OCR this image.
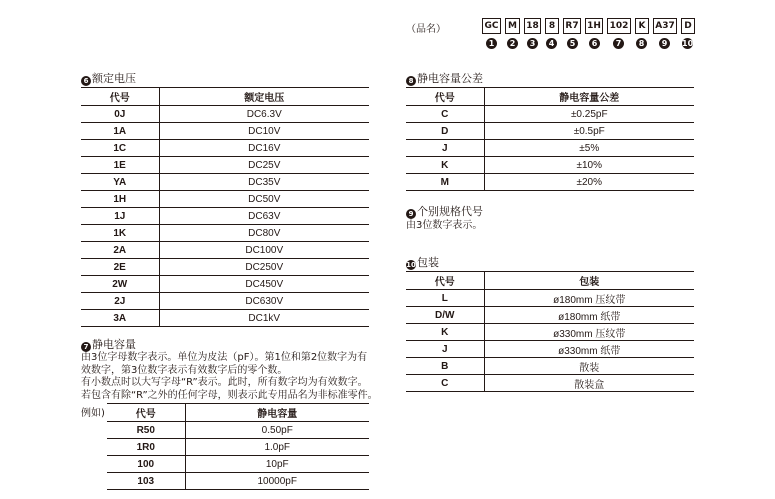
（品名）	GC	M	18	8	R7 1H 102	K	A37	D
1	2	3	4	5	6	7	8	9	10
6 额定电压
代号	额定电压
0J	DC6.3V
1A	DC10V
1C	DC16V
1E	DC25V
YA	DC35V
1H	DC50V
1J	DC63V
1K	DC80V
2A	DC100V
2E	DC250V
2W	DC450V
2J	DC630V
3A	DC1kV
7 静电容量
由3位字母数字表示。单位为皮法（pF）。第1位和第2位数字为有
效数字，第3位数字表示有效数字后的零个数。
有小数点时以大写字母“R”表示。此时，所有数字均为有效数字。
若包含有除“R”之外的任何字母，则表示此专用品名为非标准零件。
例如)	代号	静电容量
R50	0.50pF
1R0	1.0pF
100	10pF
103	10000pF
8 静电容量公差
代号	静电容量公差
C	±0.25pF
D	±0.5pF
J	±5%
K	±10%
M	±20%
9 个别规格代号
由3位数字表示。
10包装
代号	包装
L	ø180mm 压纹带
D/W	ø180mm 纸带
K	ø330mm 压纹带
J	ø330mm 纸带
B	散装
C	散装盒
